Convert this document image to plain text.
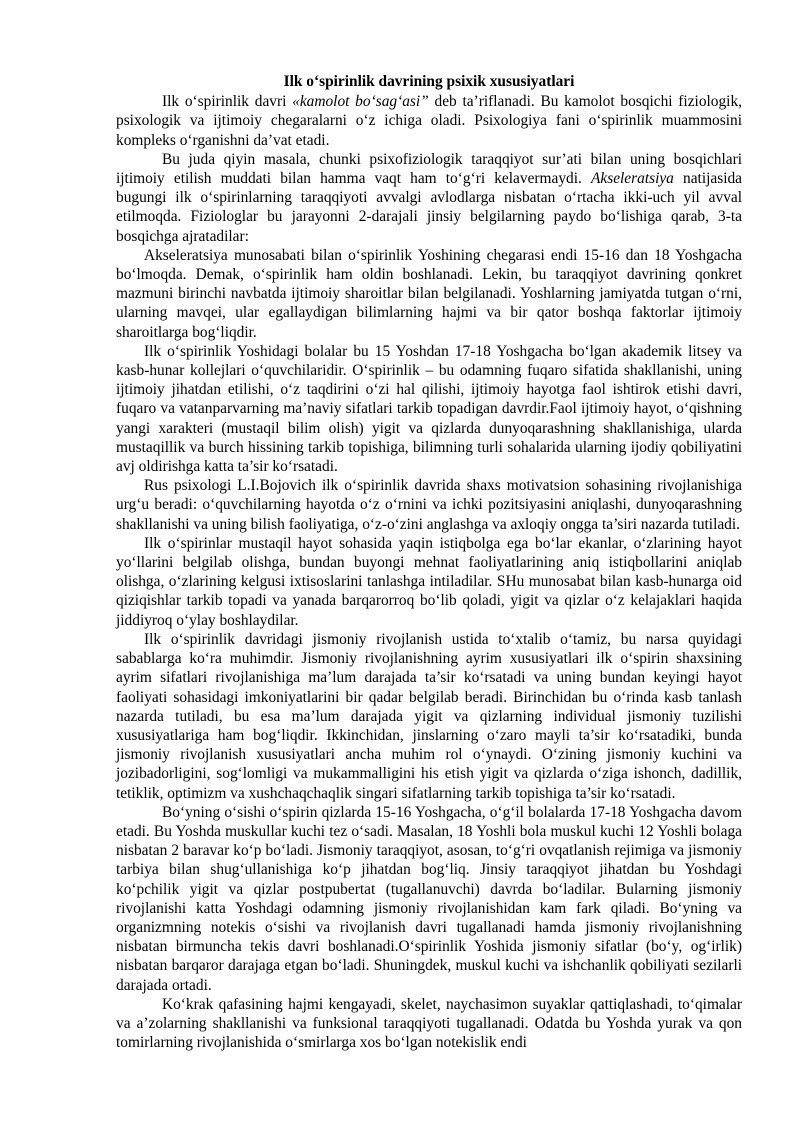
Ilk o‘spirinlik davrining psixik xususiyatlari

Ilk o‘spirinlik davri «kamolot bo‘sag‘asi” deb ta’riflanadi. Bu kamolot bosqichi fiziologik, psixologik va ijtimoiy chegaralarni o‘z ichiga oladi. Psixologiya fani o‘spirinlik muammosini kompleks o‘rganishni da’vat etadi.

Bu juda qiyin masala, chunki psixofiziologik taraqqiyot sur’ati bilan uning bosqichlari ijtimoiy etilish muddati bilan hamma vaqt ham to‘g‘ri kelavermaydi. Akseleratsiya natijasida bugungi ilk o‘spirinlarning taraqqiyoti avvalgi avlodlarga nisbatan o‘rtacha ikki-uch yil avval etilmoqda. Fiziologlar bu jarayonni 2-darajali jinsiy belgilarning paydo bo‘lishiga qarab, 3-ta bosqichga ajratadilar:

Akseleratsiya munosabati bilan o‘spirinlik Yoshining chegarasi endi 15-16 dan 18 Yoshgacha bo‘lmoqda. Demak, o‘spirinlik ham oldin boshlanadi. Lekin, bu taraqqiyot davrining qonkret mazmuni birinchi navbatda ijtimoiy sharoitlar bilan belgilanadi. Yoshlarning jamiyatda tutgan o‘rni, ularning mavqei, ular egallaydigan bilimlarning hajmi va bir qator boshqa faktorlar ijtimoiy sharoitlarga bog‘liqdir.

Ilk o‘spirinlik Yoshidagi bolalar bu 15 Yoshdan 17-18 Yoshgacha bo‘lgan akademik litsey va kasb-hunar kollejlari o‘quvchilaridir. O‘spirinlik – bu odamning fuqaro sifatida shakllanishi, uning ijtimoiy jihatdan etilishi, o‘z taqdirini o‘zi hal qilishi, ijtimoiy hayotga faol ishtirok etishi davri, fuqaro va vatanparvarning ma’naviy sifatlari tarkib topadigan davrdir.Faol ijtimoiy hayot, o‘qishning yangi xarakteri (mustaqil bilim olish) yigit va qizlarda dunyoqarashning shakllanishiga, ularda mustaqillik va burch hissining tarkib topishiga, bilimning turli sohalarida ularning ijodiy qobiliyatini avj oldirishga katta ta’sir ko‘rsatadi.

Rus psixologi L.I.Bojovich ilk o‘spirinlik davrida shaxs motivatsion sohasining rivojlanishiga urg‘u beradi: o‘quvchilarning hayotda o‘z o‘rnini va ichki pozitsiyasini aniqlashi, dunyoqarashning shakllanishi va uning bilish faoliyatiga, o‘z-o‘zini anglashga va axloqiy ongga ta’siri nazarda tutiladi.

Ilk o‘spirinlar mustaqil hayot sohasida yaqin istiqbolga ega bo‘lar ekanlar, o‘zlarining hayot yo‘llarini belgilab olishga, bundan buyongi mehnat faoliyatlarining aniq istiqbollarini aniqlab olishga, o‘zlarining kelgusi ixtisoslarini tanlashga intiladilar. SHu munosabat bilan kasb-hunarga oid qiziqishlar tarkib topadi va yanada barqarorroq bo‘lib qoladi, yigit va qizlar o‘z kelajaklari haqida jiddiyroq o‘ylay boshlaydilar.

Ilk o‘spirinlik davridagi jismoniy rivojlanish ustida to‘xtalib o‘tamiz, bu narsa quyidagi sabablarga ko‘ra muhimdir. Jismoniy rivojlanishning ayrim xususiyatlari ilk o‘spirin shaxsining ayrim sifatlari rivojlanishiga ma’lum darajada ta’sir ko‘rsatadi va uning bundan keyingi hayot faoliyati sohasidagi imkoniyatlarini bir qadar belgilab beradi. Birinchidan bu o‘rinda kasb tanlash nazarda tutiladi, bu esa ma’lum darajada yigit va qizlarning individual jismoniy tuzilishi xususiyatlariga ham bog‘liqdir. Ikkinchidan, jinslarning o‘zaro mayli ta’sir ko‘rsatadiki, bunda jismoniy rivojlanish xususiyatlari ancha muhim rol o‘ynaydi. O‘zining jismoniy kuchini va jozibadorligini, sog‘lomligi va mukammalligini his etish yigit va qizlarda o‘ziga ishonch, dadillik, tetiklik, optimizm va xushchaqchaqlik singari sifatlarning tarkib topishiga ta’sir ko‘rsatadi.

Bo‘yning o‘sishi o‘spirin qizlarda 15-16 Yoshgacha, o‘g‘il bolalarda 17-18 Yoshgacha davom etadi. Bu Yoshda muskullar kuchi tez o‘sadi. Masalan, 18 Yoshli bola muskul kuchi 12 Yoshli bolaga nisbatan 2 baravar ko‘p bo‘ladi. Jismoniy taraqqiyot, asosan, to‘g‘ri ovqatlanish rejimiga va jismoniy tarbiya bilan shug‘ullanishiga ko‘p jihatdan bog‘liq. Jinsiy taraqqiyot jihatdan bu Yoshdagi ko‘pchilik yigit va qizlar postpubertat (tugallanuvchi) davrda bo‘ladilar. Bularning jismoniy rivojlanishi katta Yoshdagi odamning jismoniy rivojlanishidan kam fark qiladi. Bo‘yning va organizmning notekis o‘sishi va rivojlanish davri tugallanadi hamda jismoniy rivojlanishning nisbatan birmuncha tekis davri boshlanadi.O‘spirinlik Yoshida jismoniy sifatlar (bo‘y, og‘irlik) nisbatan barqaror darajaga etgan bo‘ladi. Shuningdek, muskul kuchi va ishchanlik qobiliyati sezilarli darajada ortadi.

Ko‘krak qafasining hajmi kengayadi, skelet, naychasimon suyaklar qattiqlashadi, to‘qimalar va a’zolarning shakllanishi va funksional taraqqiyoti tugallanadi. Odatda bu Yoshda yurak va qon tomirlarning rivojlanishida o‘smirlarga xos bo‘lgan notekislik endi
